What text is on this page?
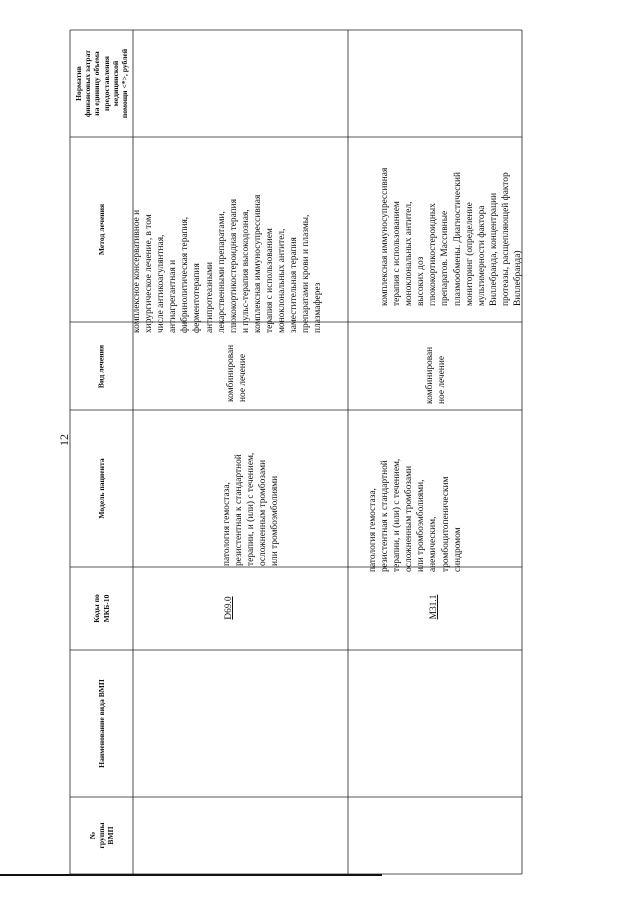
12
Норматив
финансовых затрат
на единицу объема
предоставления
медицинской
помощи <*>, рублей
Метод лечения
Вид лечения
Модель пациента
Коды по
МКБ-10
Наименование вида ВМП
№
группы
ВМП
комплексное консервативное и
хирургическое лечение, в том
числе антикоагулянтная,
антиагрегантная и
фибринолитическая терапия,
ферментотерапия
антипротеазными
лекарственными препаратами,
глюкокортикостероидная терапия
и пульс-терапия высокодозная,
комплексная иммуносупрессивная
терапия с использованием
моноклональных антител,
заместительная терапия
препаратами крови и плазмы,
плазмаферез
комбинирован
ное лечение
патология гемостаза,
резистентная к стандартной
терапии, и (или) с течением,
осложненным тромбозами
или тромбоэмболиями
D69.0
комплексная иммуносупрессивная
терапия с использованием
моноклональных антител,
высоких доз
глюкокортикостероидных
препаратов. Массивные
плазмообмены. Диагностический
мониторинг (определение
мультимерности фактора
Виллебранда, концентрации
протеазы, расщепляющей фактор
Виллебранда)
комбинирован
ное лечение
патология гемостаза,
резистентная к стандартной
терапии, и (или) с течением,
осложненным тромбозами
или тромбоэмболиями,
анемическим,
тромбоцитопеническим
синдромом
M31.1
